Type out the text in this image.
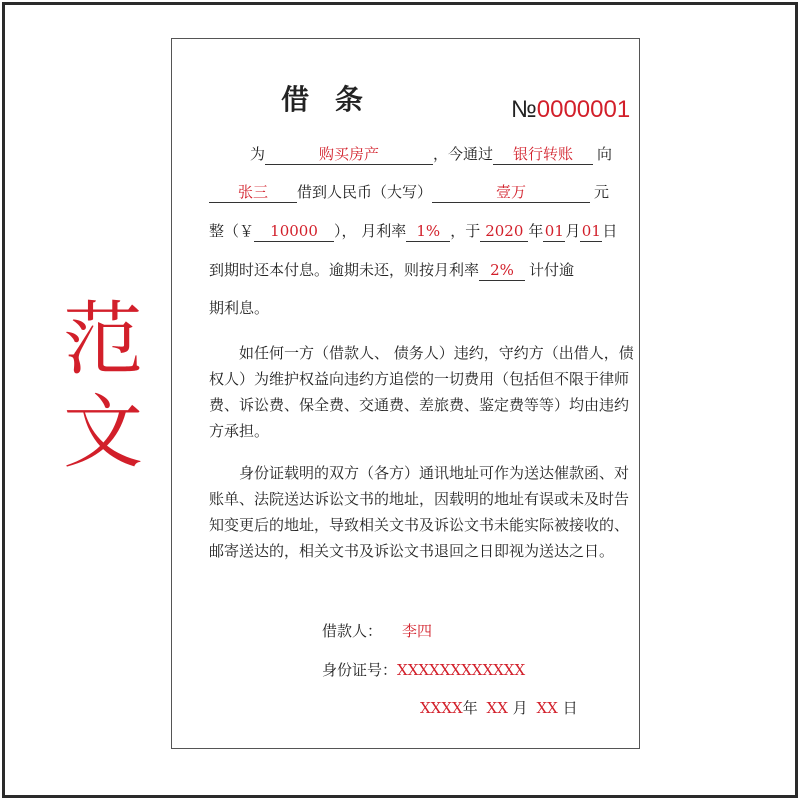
范
文
借 条	№0000001
为	购买房产	，今通过 银行转账 向
张三 借到人民币（大写）	壹万	元
整（￥ 10000 ）， 月利率 1% ，于 2020 年01月01日
到期时还本付息。逾期未还，则按月利率 2% 计付逾
期利息。

　　如任何一方（借款人、 债务人）违约，守约方（出借人，债权人）为维护权益向违约方追偿的一切费用（包括但不限于律师费、诉讼费、保全费、交通费、差旅费、鉴定费等等）均由违约方承担。

　　身份证载明的双方（各方）通讯地址可作为送达催款函、对账单、法院送达诉讼文书的地址，因载明的地址有误或未及时告知变更后的地址，导致相关文书及诉讼文书未能实际被接收的、邮寄送达的，相关文书及诉讼文书退回之日即视为送达之日。

借款人： 李四
身份证号：XXXXXXXXXXXX
XXXX年 XX 月 XX 日
